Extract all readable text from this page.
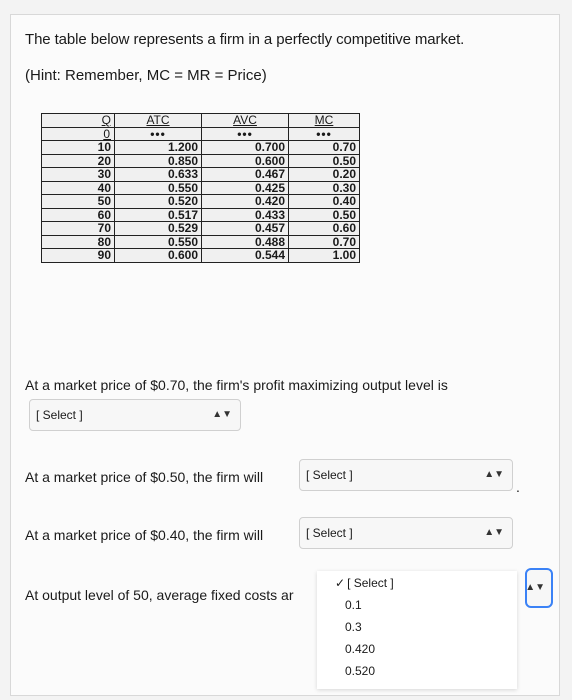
The table below represents a firm in a perfectly competitive market.
(Hint: Remember, MC = MR = Price)
Q	ATC	AVC	MC
0	•••	•••	•••
10	1.200	0.700	0.70
20	0.850	0.600	0.50
30	0.633	0.467	0.20
40	0.550	0.425	0.30
50	0.520	0.420	0.40
60	0.517	0.433	0.50
70	0.529	0.457	0.60
80	0.550	0.488	0.70
90	0.600	0.544	1.00
At a market price of $0.70, the firm's profit maximizing output level is
[ Select ]	▲▼
At a market price of $0.50, the firm will	[ Select ]	▲▼
.
At a market price of $0.40, the firm will	[ Select ]	▲▼
At output level of 50, average fixed costs ar	▲▼
✓ [ Select ]
0.1
0.3
0.420
0.520
